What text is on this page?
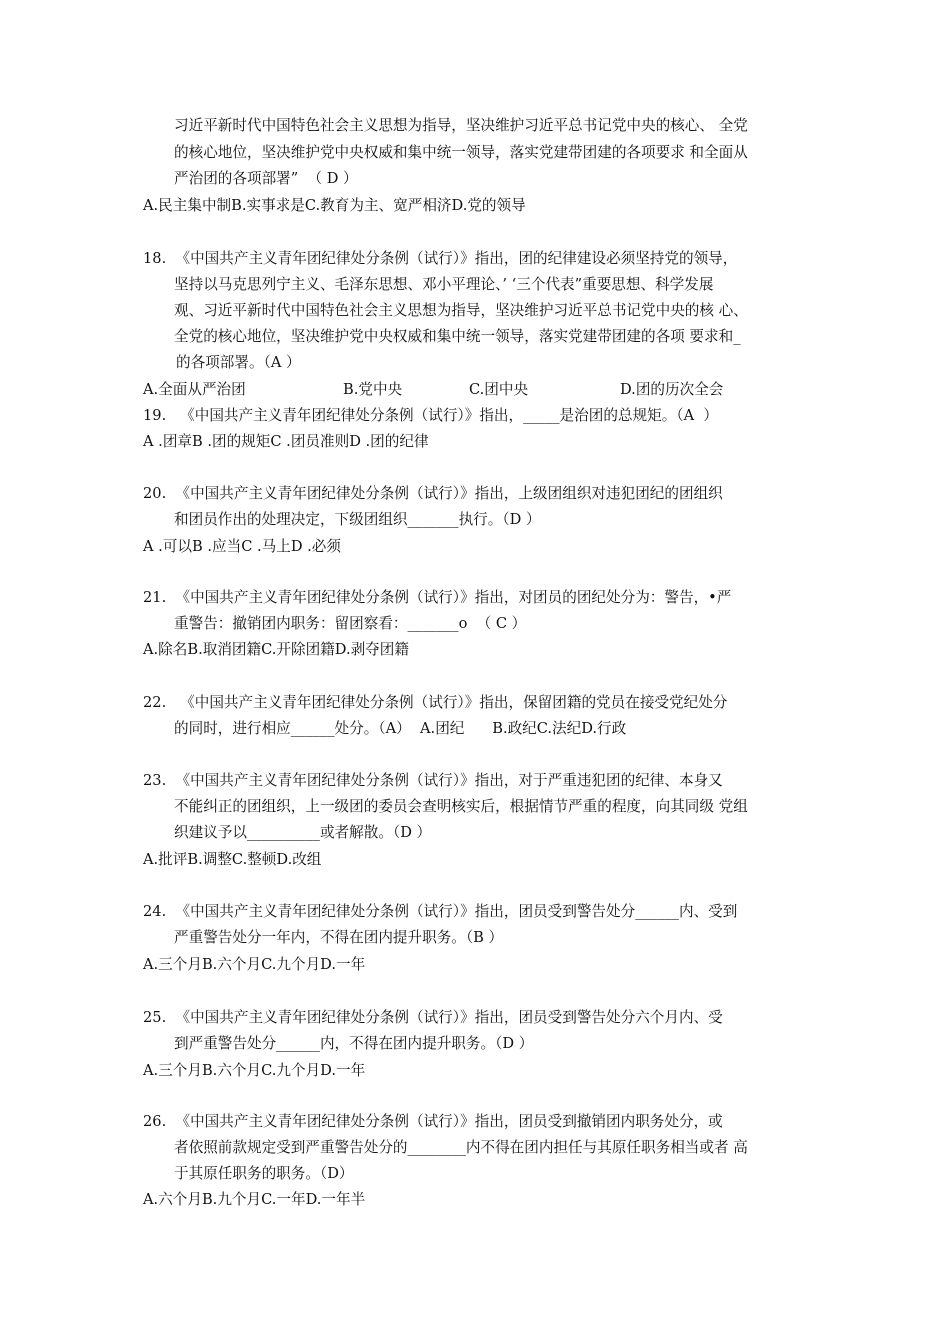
习近平新时代中国特色社会主义思想为指导，坚决维护习近平总书记党中央的核心、 全党
的核心地位，坚决维护党中央权威和集中统一领导，落实党建带团建的各项要求 和全面从
严治团的各项部署”  （ D ）
A.民主集中制B.实事求是C.教育为主、宽严相济D.党的领导
18.  《中国共产主义青年团纪律处分条例（试行）》指出，团的纪律建设必须坚持党的领导，
坚持以马克思列宁主义、毛泽东思想、邓小平理论、’ ‘三个代表”重要思想、科学发展
观、习近平新时代中国特色社会主义思想为指导，坚决维护习近平总书记党中央的核 心、
全党的核心地位，坚决维护党中央权威和集中统一领导，落实党建带团建的各项 要求和_
的各项部署。（A ）
A.全面从严治团	B.党中央	C.团中央	D.团的历次全会
19.   《中国共产主义青年团纪律处分条例（试行）》指出，_____是治团的总规矩。（A  ）
A .团章B .团的规矩C .团员准则D .团的纪律
20.  《中国共产主义青年团纪律处分条例（试行）》指出，上级团组织对违犯团纪的团组织
和团员作出的处理决定，下级团组织_______执行。（D ）
A .可以B .应当C .马上D .必须
21.  《中国共产主义青年团纪律处分条例（试行）》指出，对团员的团纪处分为：警告，•严
重警告：撤销团内职务：留团察看：_______o  （ C ）
A.除名B.取消团籍C.开除团籍D.剥夺团籍
22.   《中国共产主义青年团纪律处分条例（试行）》指出，保留团籍的党员在接受党纪处分
的同时，进行相应______处分。（A）  A.团纪      B.政纪C.法纪D.行政
23.  《中国共产主义青年团纪律处分条例（试行）》指出，对于严重违犯团的纪律、本身又
不能纠正的团组织，上一级团的委员会查明核实后，根据情节严重的程度，向其同级 党组
织建议予以__________或者解散。（D ）
A.批评B.调整C.整顿D.改组
24.  《中国共产主义青年团纪律处分条例（试行）》指出，团员受到警告处分______内、受到
严重警告处分一年内，不得在团内提升职务。（B ）
A.三个月B.六个月C.九个月D.一年
25.  《中国共产主义青年团纪律处分条例（试行）》指出，团员受到警告处分六个月内、受
到严重警告处分______内，不得在团内提升职务。（D ）
A.三个月B.六个月C.九个月D.一年
26.  《中国共产主义青年团纪律处分条例（试行）》指出，团员受到撤销团内职务处分，或
者依照前款规定受到严重警告处分的________内不得在团内担任与其原任职务相当或者 高
于其原任职务的职务。（D）
A.六个月B.九个月C.一年D.一年半
